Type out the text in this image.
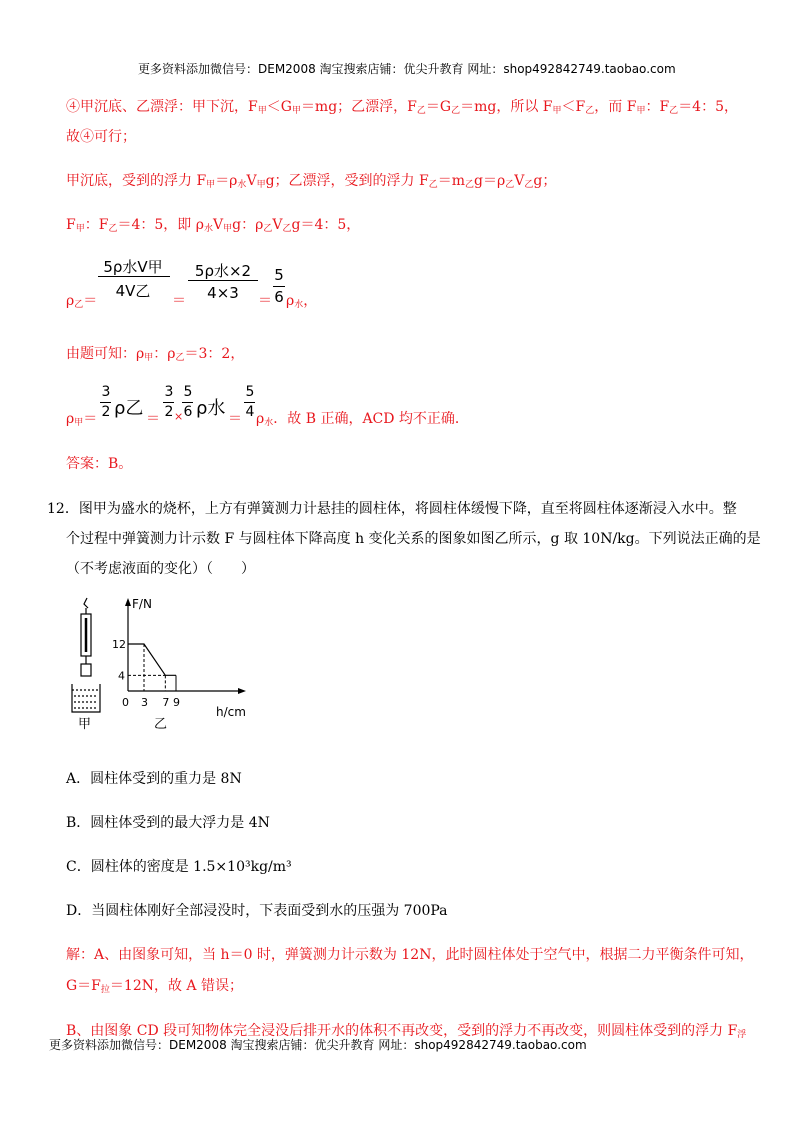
更多资料添加微信号：DEM2008 淘宝搜索店铺：优尖升教育 网址：shop492842749.taobao.com
④甲沉底、乙漂浮：甲下沉，$F_甲<G_甲=mg$；乙漂浮，$F_乙=G_乙=mg$，所以 $F_甲<F_乙$，而 $F_甲$：$F_乙=4$：5，
故④可行；
甲沉底，受到的浮力 $F_甲=\rho_水V_甲g$；乙漂浮，受到的浮力 $F_乙=m_乙g=\rho_乙V_乙g$；
$F_甲$：$F_乙=4$：5，即 $\rho_水V_甲g$：$\rho_乙V_乙g=4$：5，
$\rho_乙=$
5ρ水V甲
4V乙
＝
5ρ水×2
4×3	＝
5
6 $\rho_水$，
由题可知：$\rho_甲$：$\rho_乙=3$：2，
$\rho_甲=$
3
2 ρ乙 ＝
3
2 ×
5
6 ρ水 ＝
5
4 $\rho_水$．故 B 正确，ACD 均不正确．
答案：B。
12．图甲为盛水的烧杯，上方有弹簧测力计悬挂的圆柱体，将圆柱体缓慢下降，直至将圆柱体逐渐浸入水中。整
个过程中弹簧测力计示数 F 与圆柱体下降高度 h 变化关系的图象如图乙所示，g 取 10N/kg。下列说法正确的是
（不考虑液面的变化）（　　）
甲
F/N
h/cm
乙
0 3 7 9
12
4
A．圆柱体受到的重力是 8N
B．圆柱体受到的最大浮力是 4N
C．圆柱体的密度是 1.5×10³kg/m³
D．当圆柱体刚好全部浸没时，下表面受到水的压强为 700Pa
解：A、由图象可知，当 h＝0 时，弹簧测力计示数为 12N，此时圆柱体处于空气中，根据二力平衡条件可知，
$G=F_拉=12N$，故 A 错误；
B、由图象 CD 段可知物体完全浸没后排开水的体积不再改变，受到的浮力不再改变，则圆柱体受到的浮力 $F_浮$
更多资料添加微信号：DEM2008 淘宝搜索店铺：优尖升教育 网址：shop492842749.taobao.com
